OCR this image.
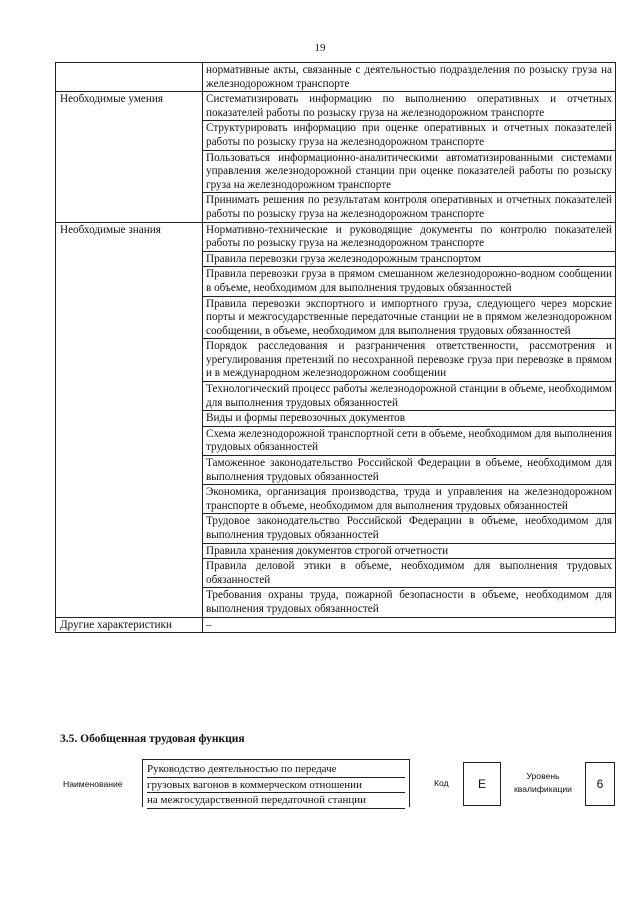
19
	нормативные акты, связанные с деятельностью подразделения по розыску груза на железнодорожном транспорте
Необходимые умения	Систематизировать информацию по выполнению оперативных и отчетных показателей работы по розыску груза на железнодорожном транспорте
	Структурировать информацию при оценке оперативных и отчетных показателей работы по розыску груза на железнодорожном транспорте
	Пользоваться информационно-аналитическими автоматизированными системами управления железнодорожной станции при оценке показателей работы по розыску груза на железнодорожном транспорте
	Принимать решения по результатам контроля оперативных и отчетных показателей работы по розыску груза на железнодорожном транспорте
Необходимые знания	Нормативно-технические и руководящие документы по контролю показателей работы по розыску груза на железнодорожном транспорте
	Правила перевозки груза железнодорожным транспортом
	Правила перевозки груза в прямом смешанном железнодорожно-водном сообщении в объеме, необходимом для выполнения трудовых обязанностей
	Правила перевозки экспортного и импортного груза, следующего через морские порты и межгосударственные передаточные станции не в прямом железнодорожном сообщении, в объеме, необходимом для выполнения трудовых обязанностей
	Порядок расследования и разграничения ответственности, рассмотрения и урегулирования претензий по несохранной перевозке груза при перевозке в прямом и в международном железнодорожном сообщении
	Технологический процесс работы железнодорожной станции в объеме, необходимом для выполнения трудовых обязанностей
	Виды и формы перевозочных документов
	Схема железнодорожной транспортной сети в объеме, необходимом для выполнения трудовых обязанностей
	Таможенное законодательство Российской Федерации в объеме, необходимом для выполнения трудовых обязанностей
	Экономика, организация производства, труда и управления на железнодорожном транспорте в объеме, необходимом для выполнения трудовых обязанностей
	Трудовое законодательство Российской Федерации в объеме, необходимом для выполнения трудовых обязанностей
	Правила хранения документов строгой отчетности
	Правила деловой этики в объеме, необходимом для выполнения трудовых обязанностей
	Требования охраны труда, пожарной безопасности в объеме, необходимом для выполнения трудовых обязанностей
Другие характеристики	–
3.5. Обобщенная трудовая функция
Наименование
Руководство деятельностью по передаче
грузовых вагонов в коммерческом отношении
на межгосударственной передаточной станции
Код	E
Уровень
квалификации	6
